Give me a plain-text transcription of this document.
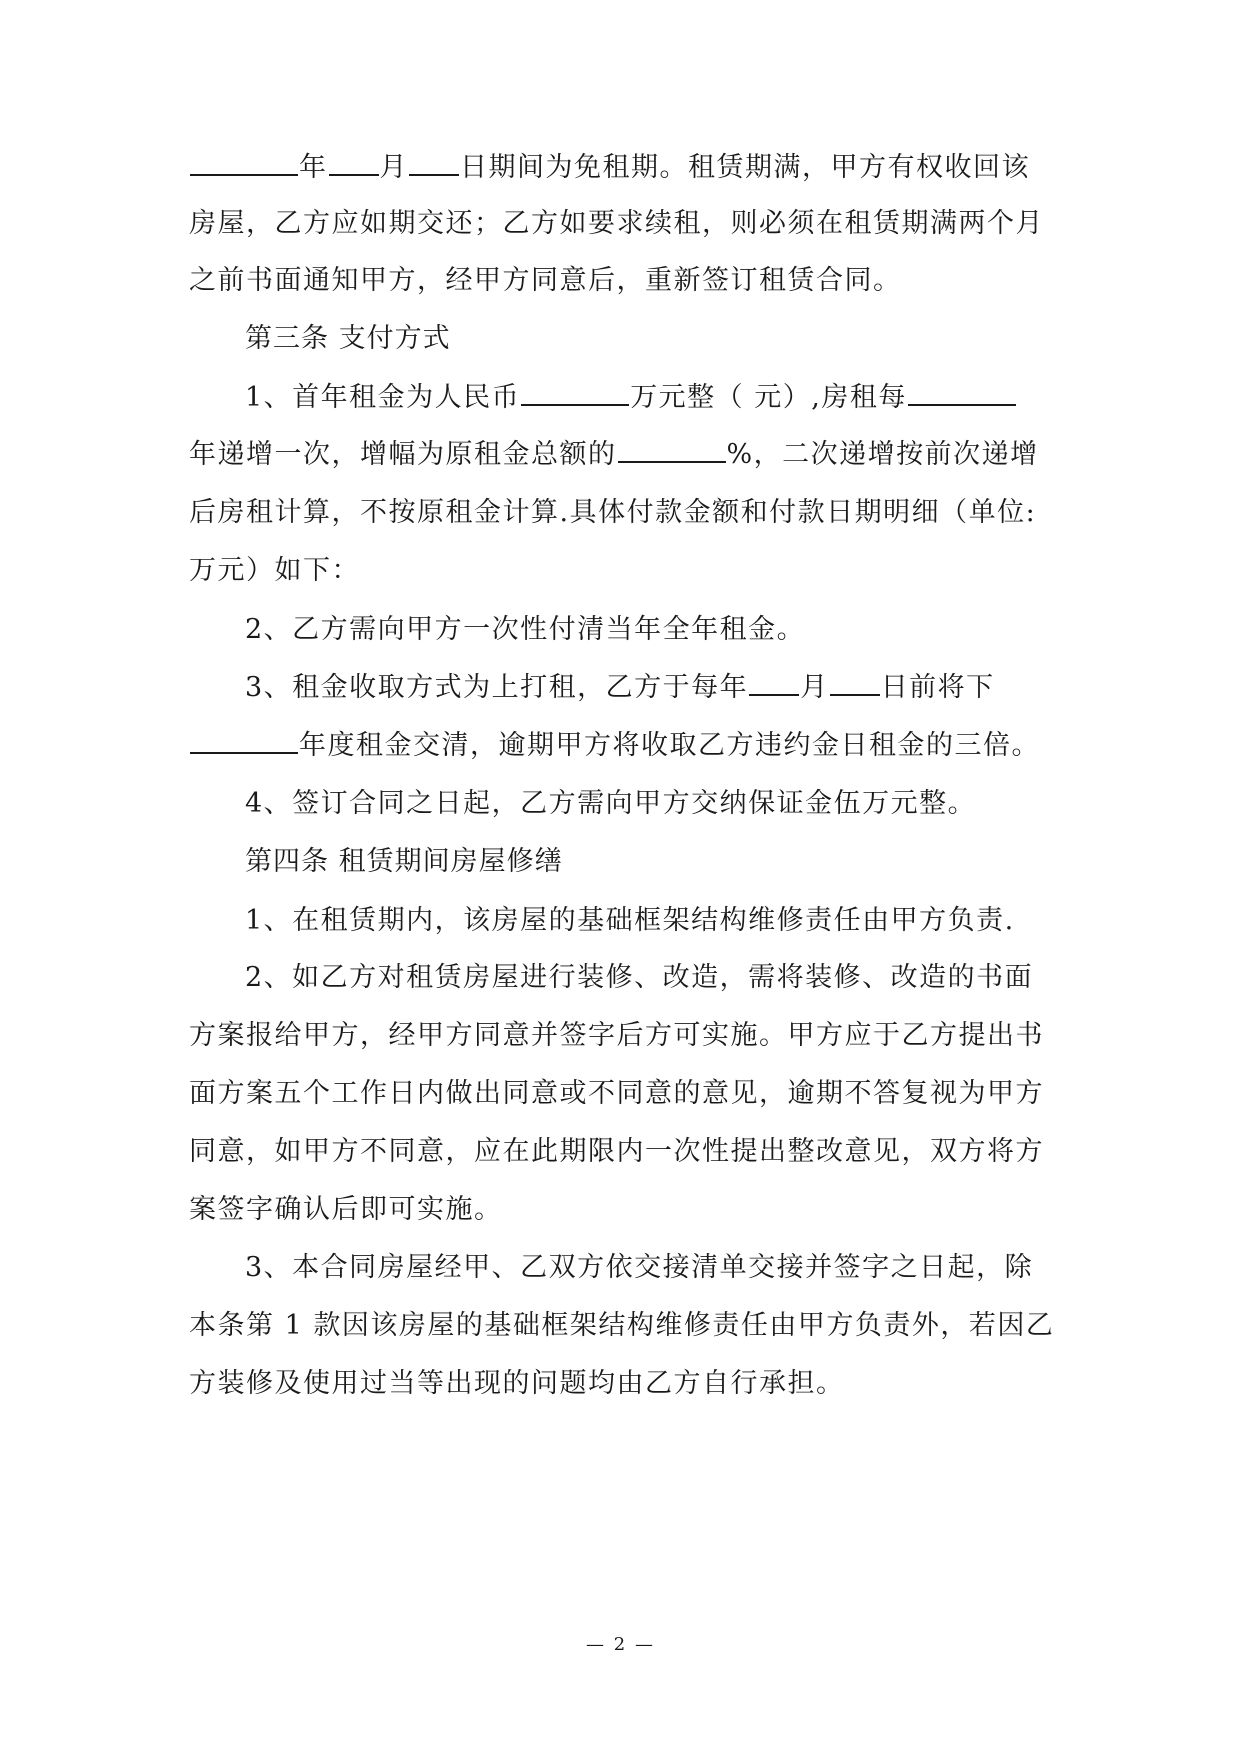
年 月 日期间为免租期。租赁期满，甲方有权收回该
房屋，乙方应如期交还；乙方如要求续租，则必须在租赁期满两个月
之前书面通知甲方，经甲方同意后，重新签订租赁合同。
第三条 支付方式
1、首年租金为人民币	万元整（ 元）,房租每
年递增一次，增幅为原租金总额的	%，二次递增按前次递增
后房租计算，不按原租金计算.具体付款金额和付款日期明细（单位:
万元）如下：
2、乙方需向甲方一次性付清当年全年租金。
3、租金收取方式为上打租，乙方于每年 月 日前将下
年度租金交清，逾期甲方将收取乙方违约金日租金的三倍。
4、签订合同之日起，乙方需向甲方交纳保证金伍万元整。
第四条 租赁期间房屋修缮
1、在租赁期内，该房屋的基础框架结构维修责任由甲方负责.
2、如乙方对租赁房屋进行装修、改造，需将装修、改造的书面
方案报给甲方，经甲方同意并签字后方可实施。甲方应于乙方提出书
面方案五个工作日内做出同意或不同意的意见，逾期不答复视为甲方
同意，如甲方不同意，应在此期限内一次性提出整改意见，双方将方
案签字确认后即可实施。
3、本合同房屋经甲、乙双方依交接清单交接并签字之日起，除
本条第 1 款因该房屋的基础框架结构维修责任由甲方负责外，若因乙
方装修及使用过当等出现的问题均由乙方自行承担。
— 2 —
